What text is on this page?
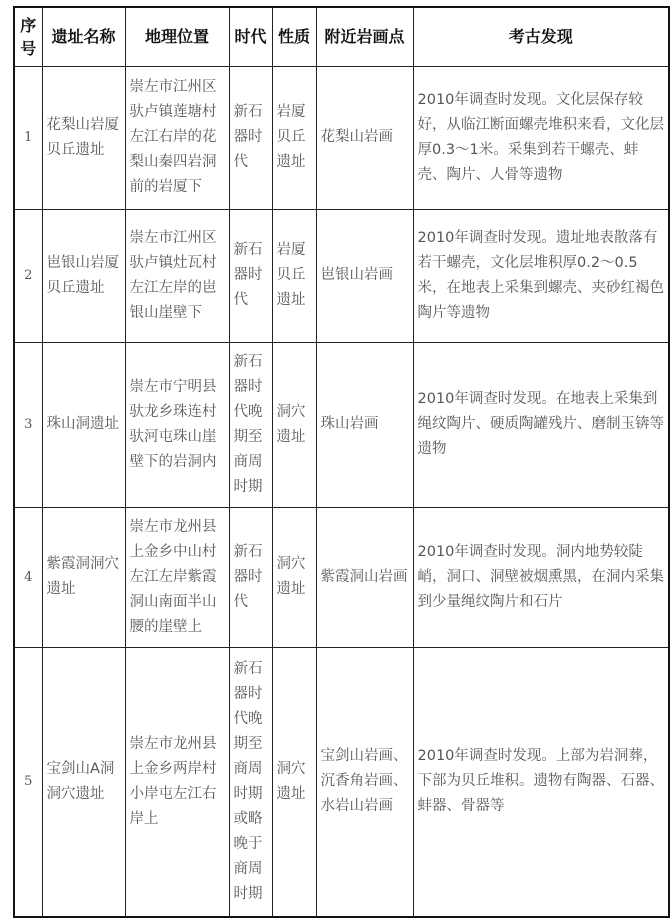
序号	遗址名称	地理位置	时代	性质	附近岩画点	考古发现
1	花梨山岩厦贝丘遗址	崇左市江州区驮卢镇莲塘村左江右岸的花梨山秦四岩洞前的岩厦下	新石器时代	岩厦贝丘遗址	花梨山岩画	2010年调查时发现。文化层保存较好，从临江断面螺壳堆积来看，文化层厚0.3～1米。采集到若干螺壳、蚌壳、陶片、人骨等遗物
2	岜银山岩厦贝丘遗址	崇左市江州区驮卢镇灶瓦村左江左岸的岜银山崖壁下	新石器时代	岩厦贝丘遗址	岜银山岩画	2010年调查时发现。遗址地表散落有若干螺壳，文化层堆积厚0.2～0.5米，在地表上采集到螺壳、夹砂红褐色陶片等遗物
3	珠山洞遗址	崇左市宁明县驮龙乡珠连村驮河屯珠山崖壁下的岩洞内	新石器时代晚期至商周时期	洞穴遗址	珠山岩画	2010年调查时发现。在地表上采集到绳纹陶片、硬质陶罐残片、磨制玉锛等遗物
4	紫霞洞洞穴遗址	崇左市龙州县上金乡中山村左江左岸紫霞洞山南面半山腰的崖壁上	新石器时代	洞穴遗址	紫霞洞山岩画	2010年调查时发现。洞内地势较陡峭，洞口、洞壁被烟熏黑，在洞内采集到少量绳纹陶片和石片
5	宝剑山A洞洞穴遗址	崇左市龙州县上金乡两岸村小岸屯左江右岸上	新石器时代晚期至商周时期或略晚于商周时期	洞穴遗址	宝剑山岩画、沉香角岩画、水岩山岩画	2010年调查时发现。上部为岩洞葬，下部为贝丘堆积。遗物有陶器、石器、蚌器、骨器等
